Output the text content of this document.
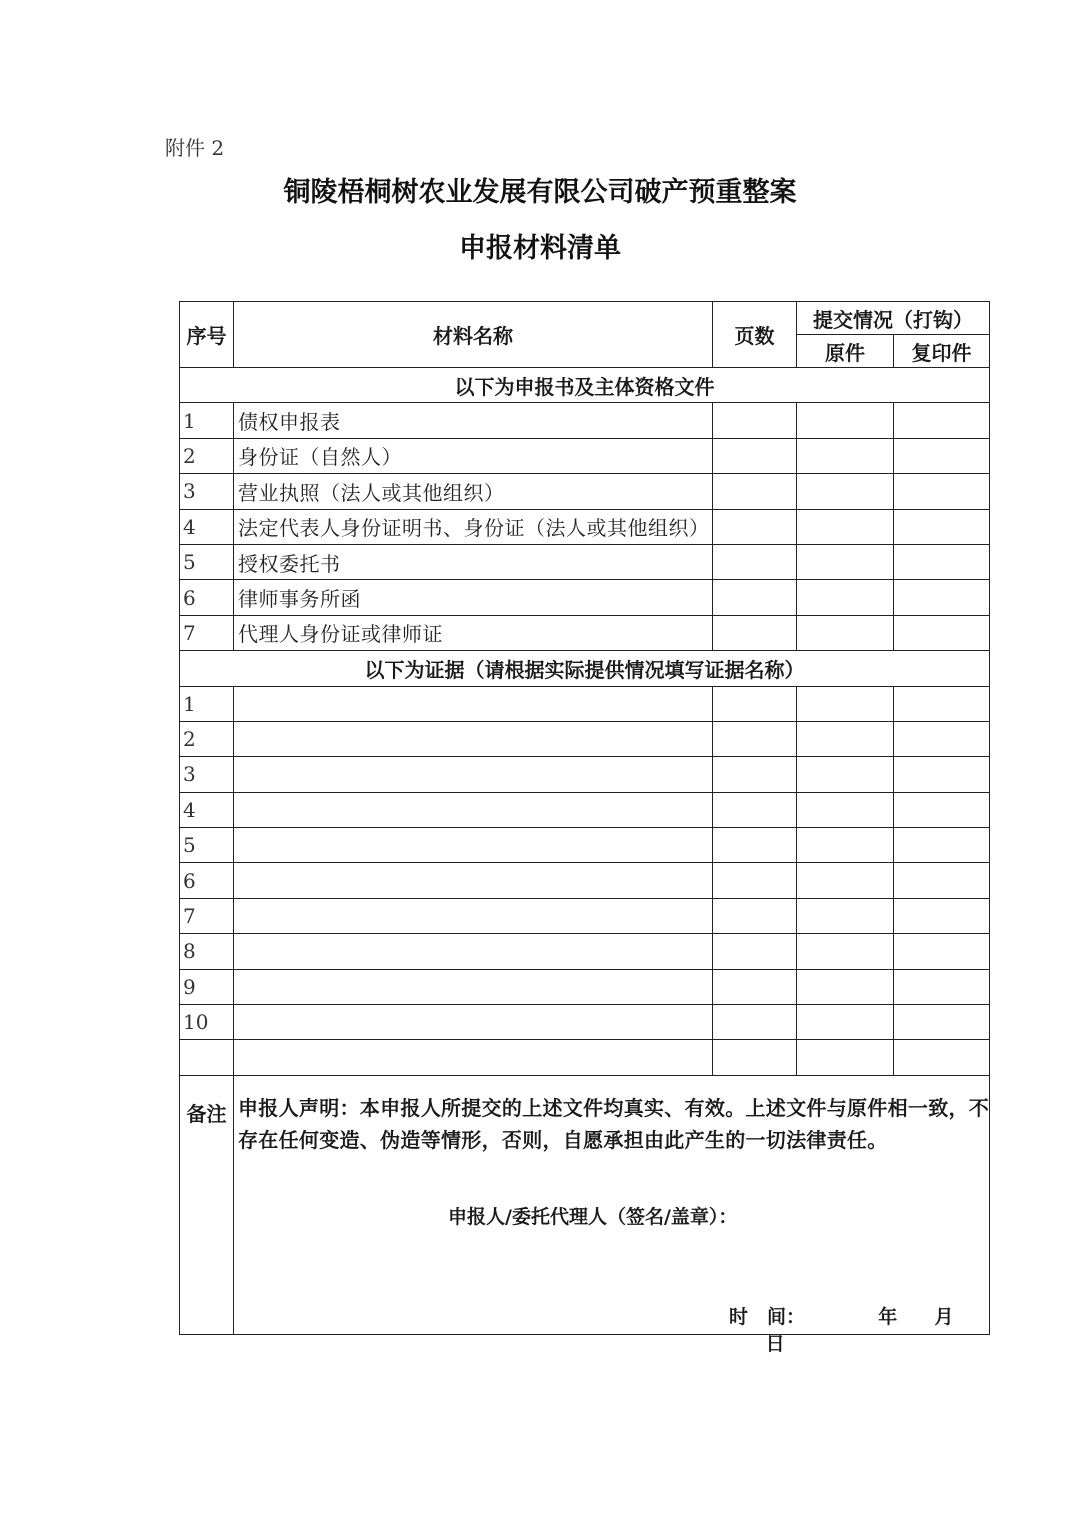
附件 2
铜陵梧桐树农业发展有限公司破产预重整案
申报材料清单
序号	材料名称	页数	提交情况（打钩）	
			原件	复印件
以下为申报书及主体资格文件				
1	债权申报表			
2	身份证（自然人）			
3	营业执照（法人或其他组织）			
4	法定代表人身份证明书、身份证（法人或其他组织）			
5	授权委托书			
6	律师事务所函			
7	代理人身份证或律师证			
以下为证据（请根据实际提供情况填写证据名称）				
1				
2				
3				
4				
5				
6				
7				
8				
9				
10				

备注	申报人声明：本申报人所提交的上述文件均真实、有效。上述文件与原件相一致，不存在任何变造、伪造等情形，否则，自愿承担由此产生的一切法律责任。
申报人/委托代理人（签名/盖章）：
时　间： 年 月  日			
